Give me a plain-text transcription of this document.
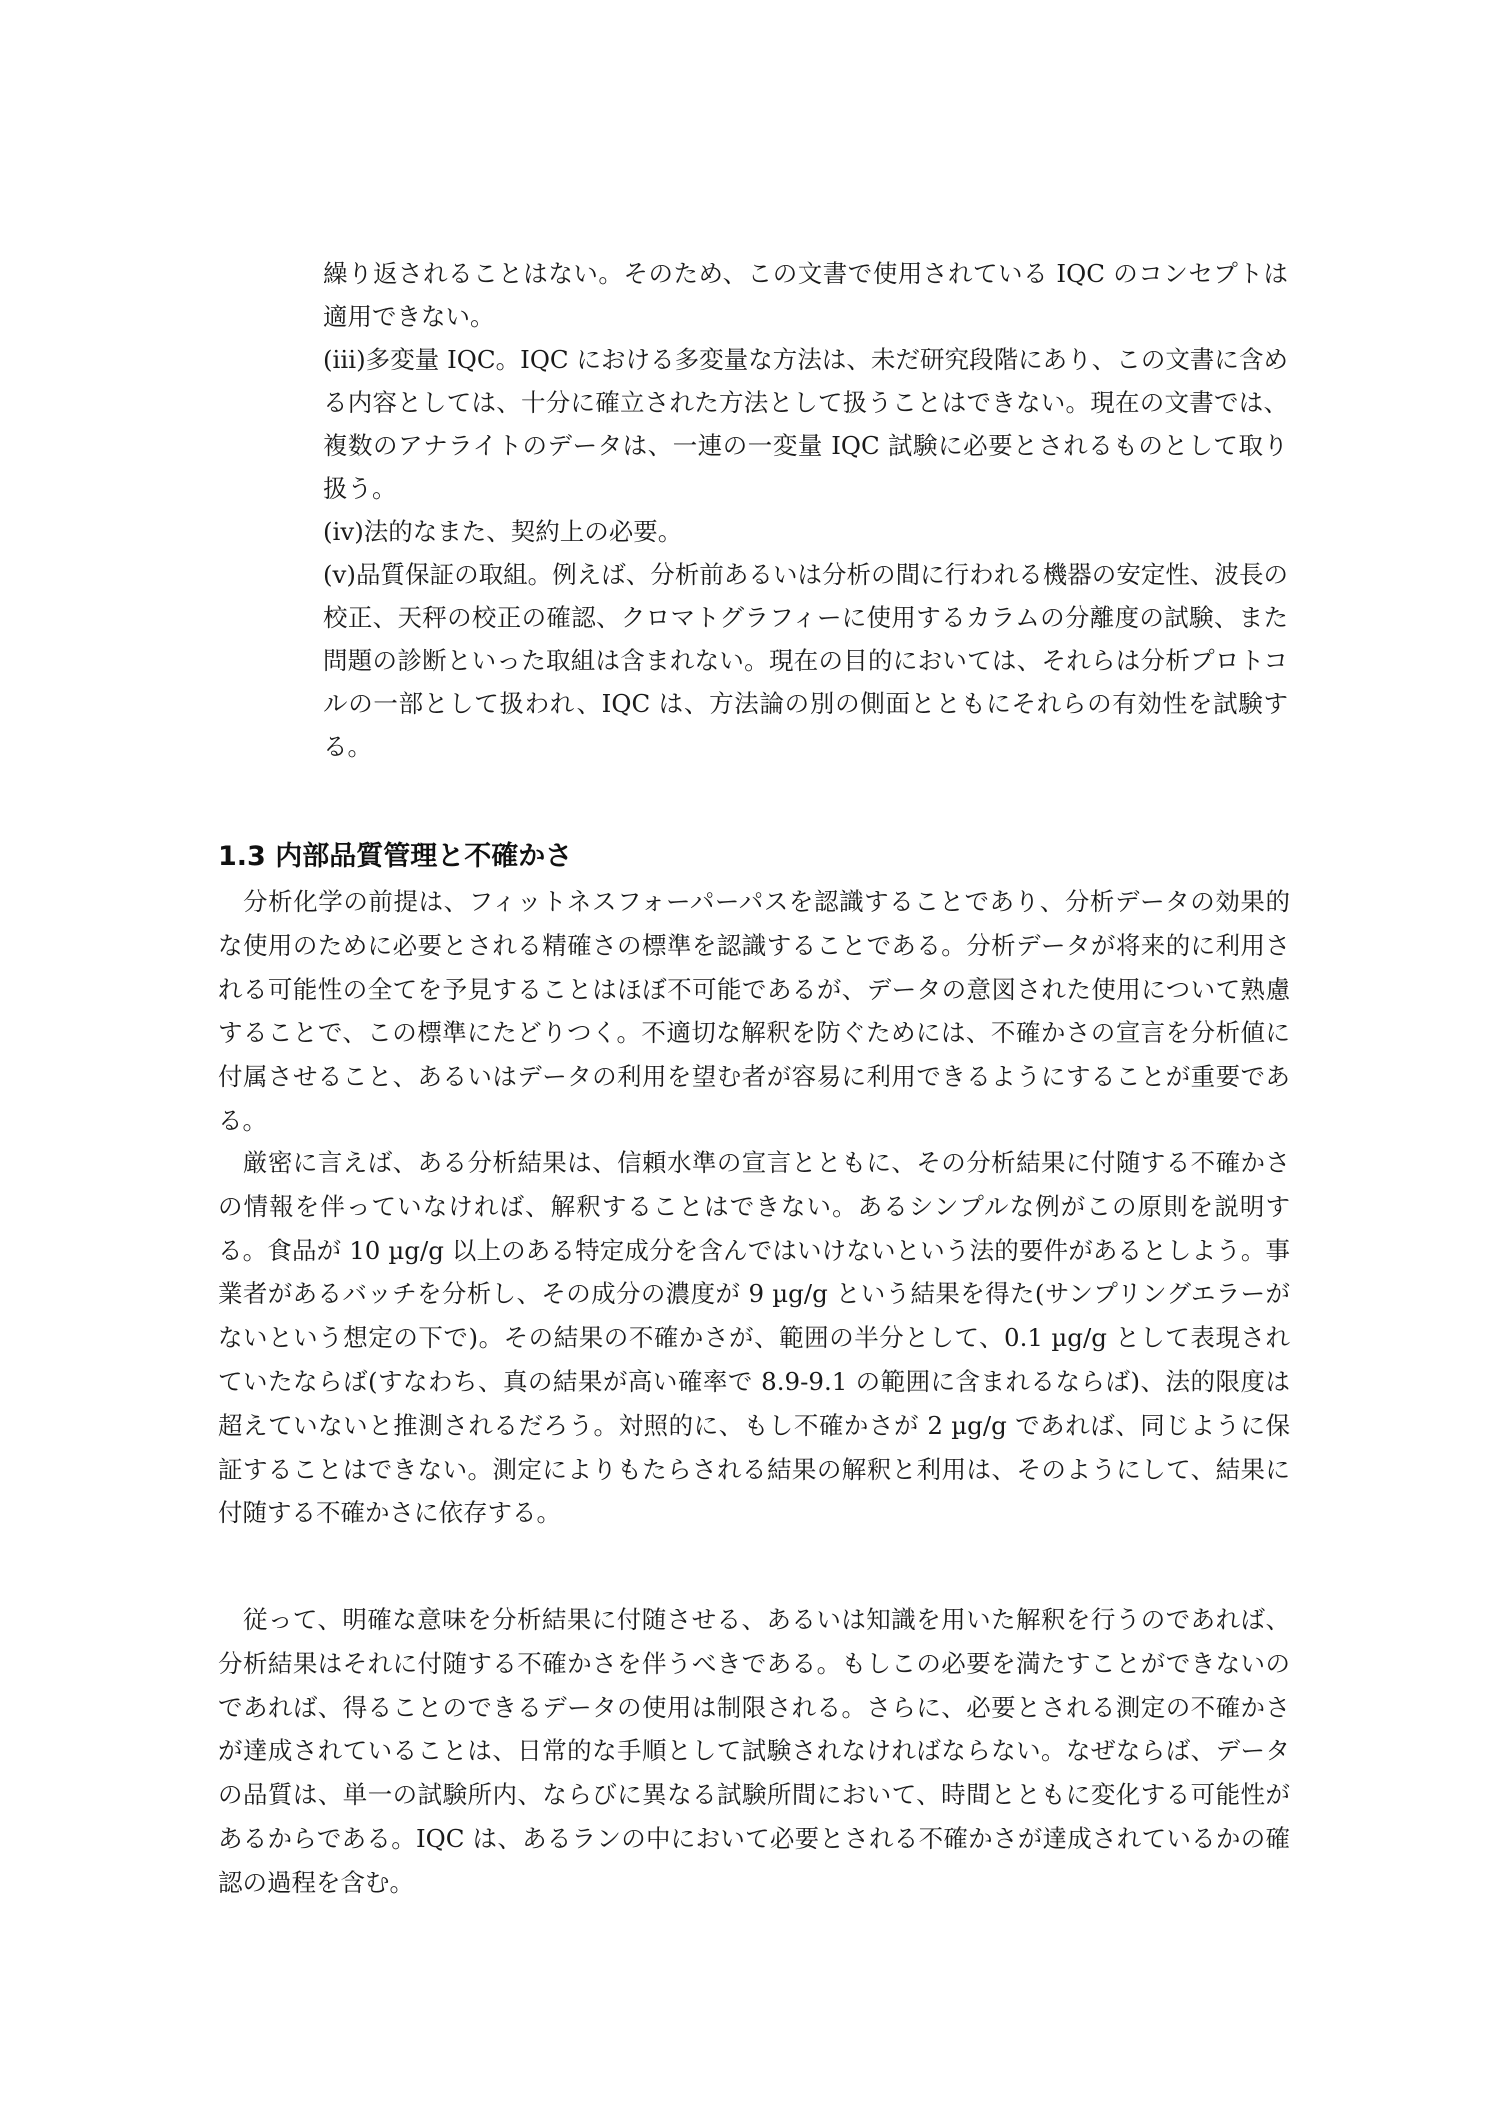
繰り返されることはない。そのため、この文書で使用されている IQC のコンセプトは適用できない。

(iii)多変量 IQC。IQC における多変量な方法は、未だ研究段階にあり、この文書に含める内容としては、十分に確立された方法として扱うことはできない。現在の文書では、複数のアナライトのデータは、一連の一変量 IQC 試験に必要とされるものとして取り扱う。

(iv)法的なまた、契約上の必要。

(v)品質保証の取組。例えば、分析前あるいは分析の間に行われる機器の安定性、波長の校正、天秤の校正の確認、クロマトグラフィーに使用するカラムの分離度の試験、また問題の診断といった取組は含まれない。現在の目的においては、それらは分析プロトコルの一部として扱われ、IQC は、方法論の別の側面とともにそれらの有効性を試験する。

1.3 内部品質管理と不確かさ

分析化学の前提は、フィットネスフォーパーパスを認識することであり、分析データの効果的な使用のために必要とされる精確さの標準を認識することである。分析データが将来的に利用される可能性の全てを予見することはほぼ不可能であるが、データの意図された使用について熟慮することで、この標準にたどりつく。不適切な解釈を防ぐためには、不確かさの宣言を分析値に付属させること、あるいはデータの利用を望む者が容易に利用できるようにすることが重要である。

厳密に言えば、ある分析結果は、信頼水準の宣言とともに、その分析結果に付随する不確かさの情報を伴っていなければ、解釈することはできない。あるシンプルな例がこの原則を説明する。食品が 10 µg/g 以上のある特定成分を含んではいけないという法的要件があるとしよう。事業者があるバッチを分析し、その成分の濃度が 9 µg/g という結果を得た(サンプリングエラーがないという想定の下で)。その結果の不確かさが、範囲の半分として、0.1 µg/g として表現されていたならば(すなわち、真の結果が高い確率で 8.9-9.1 の範囲に含まれるならば)、法的限度は超えていないと推測されるだろう。対照的に、もし不確かさが 2 µg/g であれば、同じように保証することはできない。測定によりもたらされる結果の解釈と利用は、そのようにして、結果に付随する不確かさに依存する。

従って、明確な意味を分析結果に付随させる、あるいは知識を用いた解釈を行うのであれば、分析結果はそれに付随する不確かさを伴うべきである。もしこの必要を満たすことができないのであれば、得ることのできるデータの使用は制限される。さらに、必要とされる測定の不確かさが達成されていることは、日常的な手順として試験されなければならない。なぜならば、データの品質は、単一の試験所内、ならびに異なる試験所間において、時間とともに変化する可能性があるからである。IQC は、あるランの中において必要とされる不確かさが達成されているかの確認の過程を含む。
